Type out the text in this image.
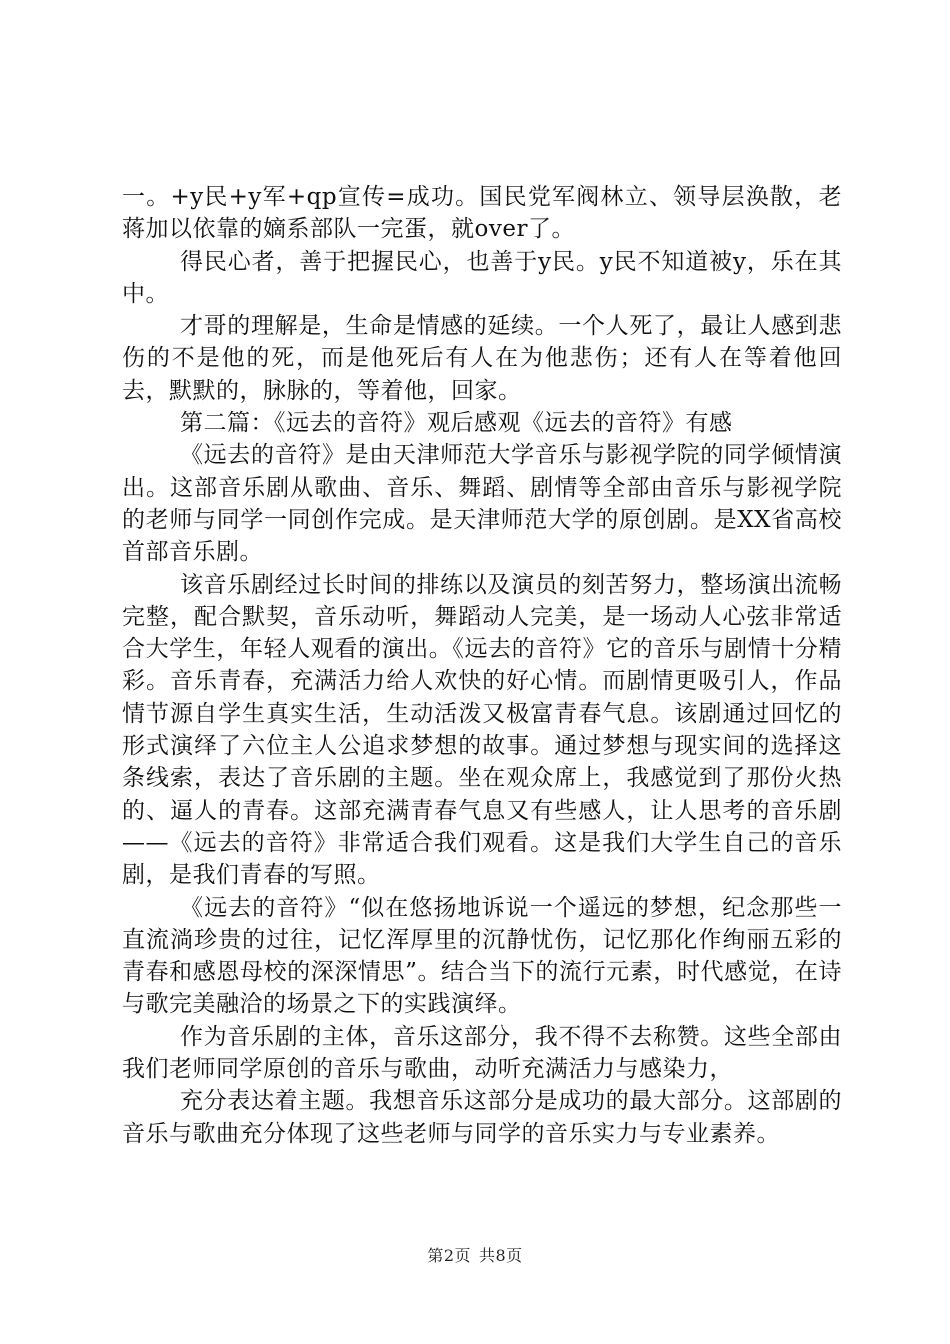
一。+y民+y军+qp宣传=成功。国民党军阀林立、领导层涣散，老蒋加以依靠的嫡系部队一完蛋，就over了。

得民心者，善于把握民心，也善于y民。y民不知道被y，乐在其中。

才哥的理解是，生命是情感的延续。一个人死了，最让人感到悲伤的不是他的死，而是他死后有人在为他悲伤；还有人在等着他回去，默默的，脉脉的，等着他，回家。

第二篇：《远去的音符》观后感观《远去的音符》有感

《远去的音符》是由天津师范大学音乐与影视学院的同学倾情演出。这部音乐剧从歌曲、音乐、舞蹈、剧情等全部由音乐与影视学院的老师与同学一同创作完成。是天津师范大学的原创剧。是XX省高校首部音乐剧。

该音乐剧经过长时间的排练以及演员的刻苦努力，整场演出流畅完整，配合默契，音乐动听，舞蹈动人完美，是一场动人心弦非常适合大学生，年轻人观看的演出。《远去的音符》它的音乐与剧情十分精彩。音乐青春，充满活力给人欢快的好心情。而剧情更吸引人，作品情节源自学生真实生活，生动活泼又极富青春气息。该剧通过回忆的形式演绎了六位主人公追求梦想的故事。通过梦想与现实间的选择这条线索，表达了音乐剧的主题。坐在观众席上，我感觉到了那份火热的、逼人的青春。这部充满青春气息又有些感人，让人思考的音乐剧——《远去的音符》非常适合我们观看。这是我们大学生自己的音乐剧，是我们青春的写照。

《远去的音符》“似在悠扬地诉说一个遥远的梦想，纪念那些一直流淌珍贵的过往，记忆浑厚里的沉静忧伤，记忆那化作绚丽五彩的青春和感恩母校的深深情思”。结合当下的流行元素，时代感觉，在诗与歌完美融洽的场景之下的实践演绎。

作为音乐剧的主体，音乐这部分，我不得不去称赞。这些全部由我们老师同学原创的音乐与歌曲，动听充满活力与感染力，

充分表达着主题。我想音乐这部分是成功的最大部分。这部剧的音乐与歌曲充分体现了这些老师与同学的音乐实力与专业素养。

第2页 共8页
